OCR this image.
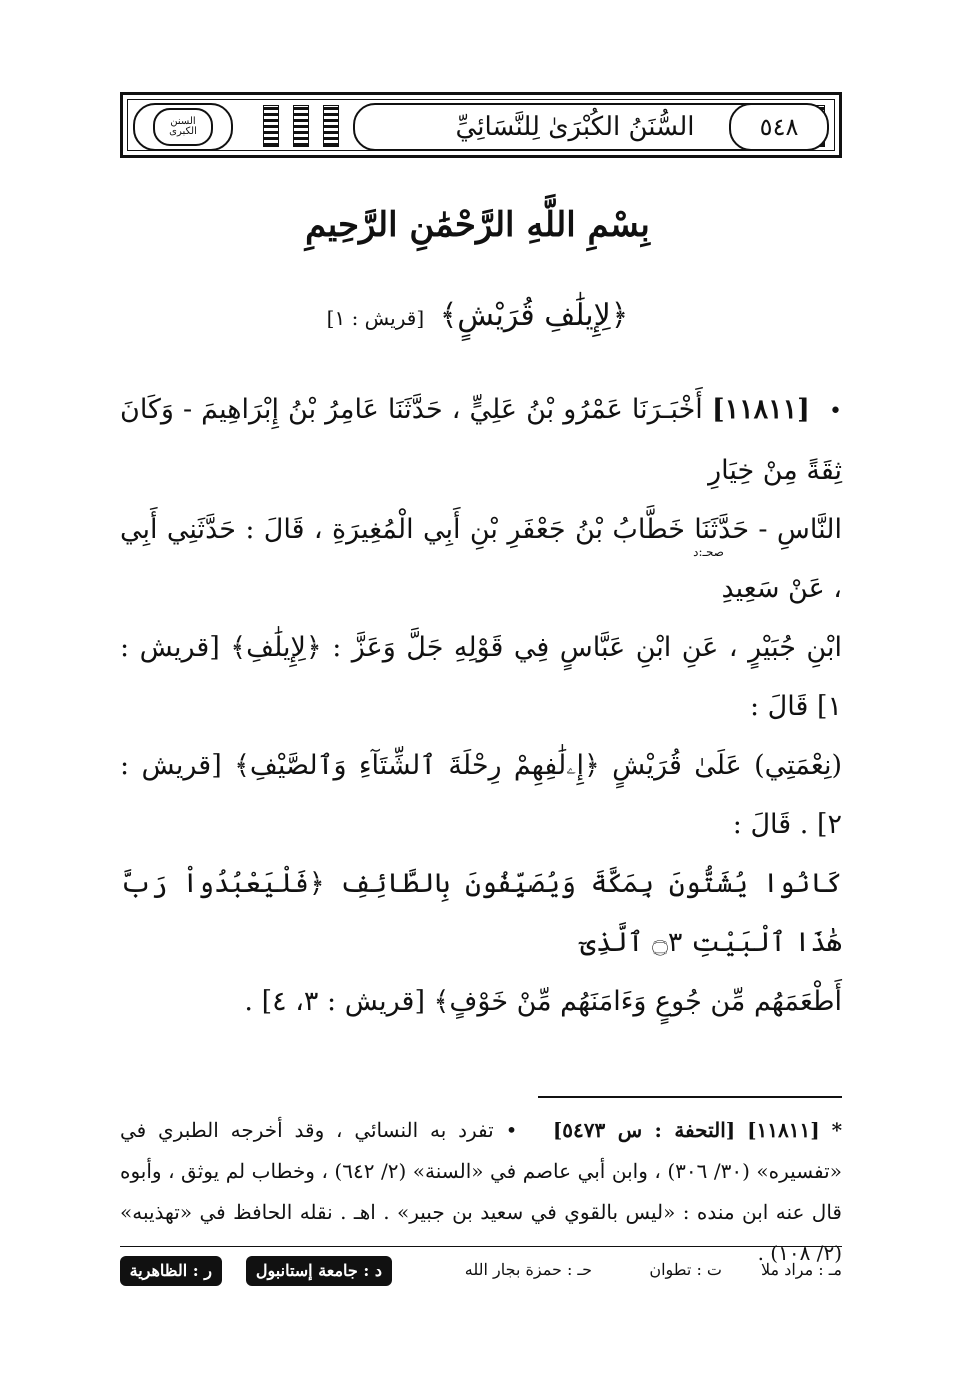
السنن الكبرى	السُّنَنُ الكُبْرَىٰ لِلنَّسَائِيِّ	٥٤٨
بِسْمِ اللَّهِ الرَّحْمَٰنِ الرَّحِيمِ
﴿لِإِيلَٰفِ قُرَيْشٍ﴾ [قريش : ١]
• [١١٨١١] أَخْبَـرَنَا عَمْرُو بْنُ عَلِيٍّ ، حَدَّثَنَا عَامِرُ بْنُ إِبْرَاهِيمَ - وَكَانَ ثِقَةً مِنْ خِيَارِ
النَّاسِ - حَدَّثَنَا خَطَّابُ بْنُ جَعْفَرِ بْنِ أَبِي الْمُغِيرَةِ ، قَالَ : حَدَّثَنِي أَبِي ، عَنْ سَعِيدِ
ابْنِ جُبَيْرٍ ، عَنِ ابْنِ عَبَّاسٍ فِي قَوْلِهِ جَلَّ وَعَزَّ : ﴿لِإِيلَٰفِ﴾ [قريش : ١] قَالَ :
(نِعْمَتِي) عَلَىٰ قُرَيْشٍ ﴿إِۦلَٰفِهِمْ رِحْلَةَ ٱلشِّتَآءِ وَٱلصَّيْفِ﴾ [قريش : ٢] . قَالَ :
صحـ:د
كَانُوا يُشَتُّونَ بِمَكَّةَ وَيُصَيِّفُونَ بِالطَّائِفِ ﴿فَلْيَعْبُدُواْ رَبَّ هَٰذَا ٱلْبَيْتِ ۝٣ ٱلَّذِىٓ
أَطْعَمَهُم مِّن جُوعٍ وَءَامَنَهُم مِّنْ خَوْفٍ﴾ [قريش : ٣، ٤] .
* [١١٨١١] [التحفة : س ٥٤٧٣]   • تفرد به النسائي ، وقد أخرجه الطبري في «تفسيره» (٣٠/ ٣٠٦) ، وابن أبي عاصم في «السنة» (٢/ ٦٤٢) ، وخطاب لم يوثق ، وأبوه قال عنه ابن منده : «ليس بالقوي في سعيد بن جبير» . اهـ . نقله الحافظ في «تهذيبه» (٢/ ١٠٨) .
مـ : مراد ملا
ت : تطوان
حـ : حمزة بجار الله
د : جامعة إستانبول
ر : الظاهرية
